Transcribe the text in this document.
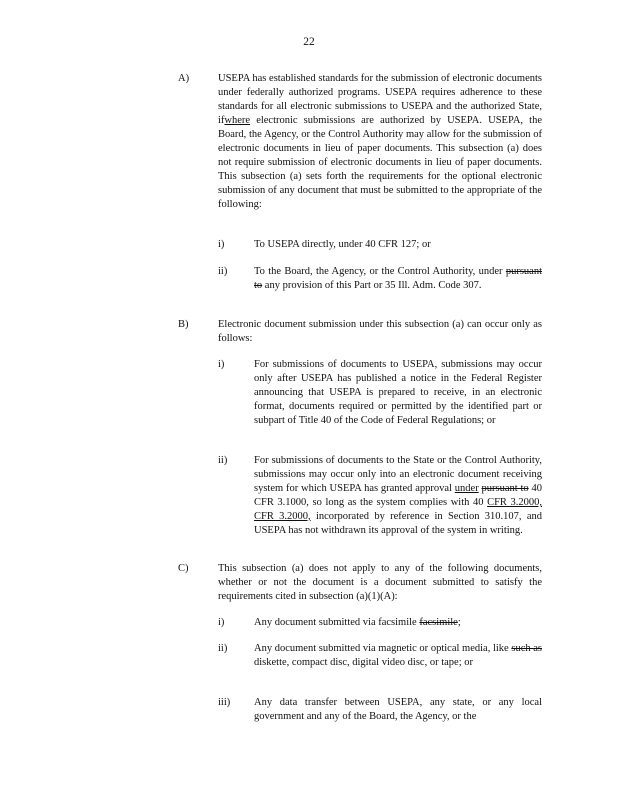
22
A)	USEPA has established standards for the submission of electronic documents under federally authorized programs. USEPA requires adherence to these standards for all electronic submissions to USEPA and the authorized State, ifwhere electronic submissions are authorized by USEPA. USEPA, the Board, the Agency, or the Control Authority may allow for the submission of electronic documents in lieu of paper documents. This subsection (a) does not require submission of electronic documents in lieu of paper documents. This subsection (a) sets forth the requirements for the optional electronic submission of any document that must be submitted to the appropriate of the following:
i)	To USEPA directly, under 40 CFR 127; or
ii)	To the Board, the Agency, or the Control Authority, under pursuant to any provision of this Part or 35 Ill. Adm. Code 307.
B)	Electronic document submission under this subsection (a) can occur only as follows:
i)	For submissions of documents to USEPA, submissions may occur only after USEPA has published a notice in the Federal Register announcing that USEPA is prepared to receive, in an electronic format, documents required or permitted by the identified part or subpart of Title 40 of the Code of Federal Regulations; or
ii)	For submissions of documents to the State or the Control Authority, submissions may occur only into an electronic document receiving system for which USEPA has granted approval under pursuant to 40 CFR 3.1000, so long as the system complies with 40 CFR 3.2000, CFR 3.2000, incorporated by reference in Section 310.107, and USEPA has not withdrawn its approval of the system in writing.
C)	This subsection (a) does not apply to any of the following documents, whether or not the document is a document submitted to satisfy the requirements cited in subsection (a)(1)(A):
i)	Any document submitted via facsimile facsimile;
ii)	Any document submitted via magnetic or optical media, like such as diskette, compact disc, digital video disc, or tape; or
iii) Any data transfer between USEPA, any state, or any local government and any of the Board, the Agency, or the
